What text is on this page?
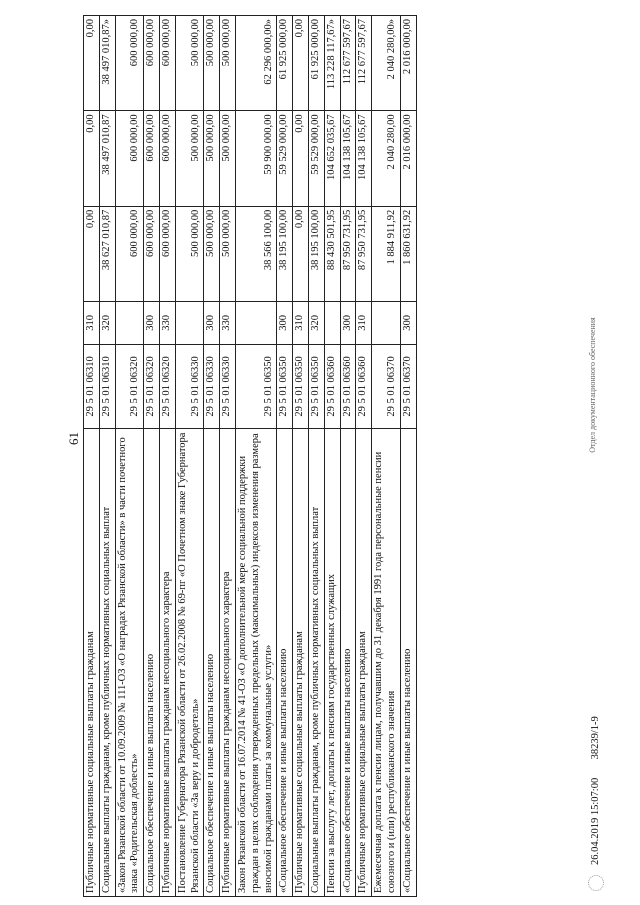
Публичные нормативные социальные выплаты гражданам	29 5 01 06310	310	0,00	0,00	0,00
Социальные выплаты гражданам, кроме публичных нормативных социальных выплат	29 5 01 06310	320	38 627 010,87	38 497 010,87	38 497 010,87»
«Закон Рязанской области от 10.09.2009 № 111-ОЗ «О наградах Рязанской области» в части почетного знака «Родительская доблесть»	29 5 01 06320		600 000,00	600 000,00	600 000,00
Социальное обеспечение и иные выплаты населению	29 5 01 06320	300	600 000,00	600 000,00	600 000,00
Публичные нормативные выплаты гражданам несоциального характера	29 5 01 06320	330	600 000,00	600 000,00	600 000,00
Постановление Губернатора Рязанской области от 26.02.2008 № 69-пг «О Почетном знаке Губернатора Рязанской области «За веру и добродетель»	29 5 01 06330		500 000,00	500 000,00	500 000,00
Социальное обеспечение и иные выплаты населению	29 5 01 06330	300	500 000,00	500 000,00	500 000,00
Публичные нормативные выплаты гражданам несоциального характера	29 5 01 06330	330	500 000,00	500 000,00	500 000,00
Закон Рязанской области от 16.07.2014 № 41-ОЗ «О дополнительной мере социальной поддержки граждан в целях соблюдения утвержденных предельных (максимальных) индексов изменения размера вносимой гражданами платы за коммунальные услуги»	29 5 01 06350		38 566 100,00	59 900 000,00	62 296 000,00»
«Социальное обеспечение и иные выплаты населению	29 5 01 06350	300	38 195 100,00	59 529 000,00	61 925 000,00
Публичные нормативные социальные выплаты гражданам	29 5 01 06350	310	0,00	0,00	0,00
Социальные выплаты гражданам, кроме публичных нормативных социальных выплат	29 5 01 06350	320	38 195 100,00	59 529 000,00	61 925 000,00
Пенсии за выслугу лет, доплаты к пенсиям государственных служащих	29 5 01 06360		88 430 501,95	104 652 035,67	113 228 117,67»
«Социальное обеспечение и иные выплаты населению	29 5 01 06360	300	87 950 731,95	104 138 105,67	112 677 597,67
Публичные нормативные социальные выплаты гражданам	29 5 01 06360	310	87 950 731,95	104 138 105,67	112 677 597,67
Ежемесячная доплата к пенсии лицам, получавшим до 31 декабря 1991 года персональные пенсии союзного и (или) республиканского значения	29 5 01 06370		1 884 911,92	2 040 280,00	2 040 280,00»
«Социальное обеспечение и иные выплаты населению	29 5 01 06370	300	1 860 631,92	2 016 000,00	2 016 000,00
26.04.2019 15:07:00       38239/1-9
Отдел документационного обеспечения
61
